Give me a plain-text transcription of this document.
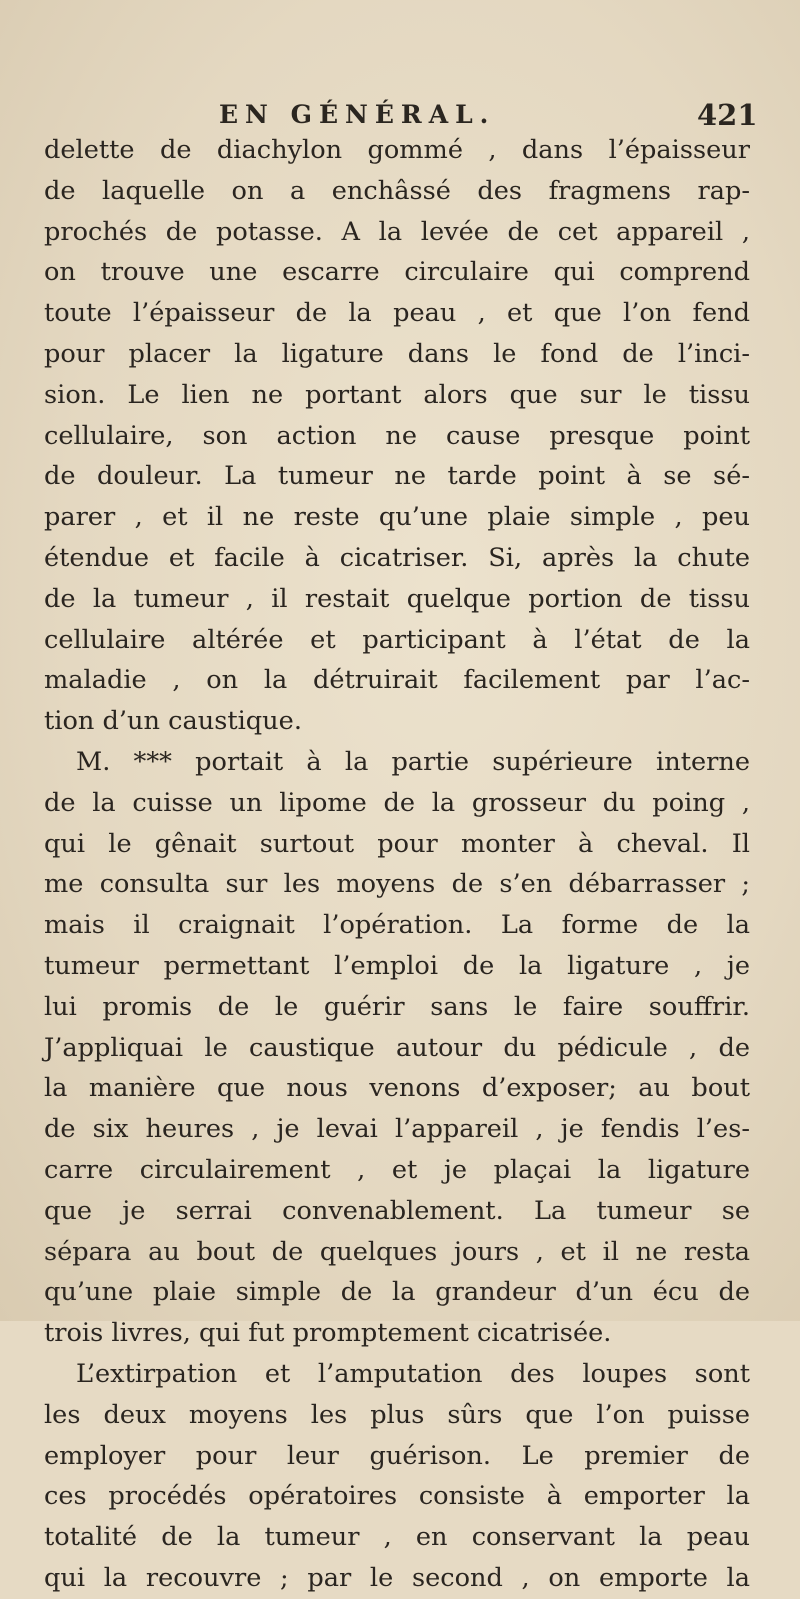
EN GÉNÉRAL.	421
delette de diachylon gommé , dans l’épaisseur
de laquelle on a enchâssé des fragmens rap-
prochés de potasse. A la levée de cet appareil ,
on trouve une escarre circulaire qui comprend
toute l’épaisseur de la peau , et que l’on fend
pour placer la ligature dans le fond de l’inci-
sion. Le lien ne portant alors que sur le tissu
cellulaire, son action ne cause presque point
de douleur. La tumeur ne tarde point à se sé-
parer , et il ne reste qu’une plaie simple , peu
étendue et facile à cicatriser. Si, après la chute
de la tumeur , il restait quelque portion de tissu
cellulaire altérée et participant à l’état de la
maladie , on la détruirait facilement par l’ac-
tion d’un caustique.
M. *** portait à la partie supérieure interne
de la cuisse un lipome de la grosseur du poing ,
qui le gênait surtout pour monter à cheval. Il
me consulta sur les moyens de s’en débarrasser ;
mais il craignait l’opération. La forme de la
tumeur permettant l’emploi de la ligature , je
lui promis de le guérir sans le faire souffrir.
J’appliquai le caustique autour du pédicule , de
la manière que nous venons d’exposer; au bout
de six heures , je levai l’appareil , je fendis l’es-
carre circulairement , et je plaçai la ligature
que je serrai convenablement. La tumeur se
sépara au bout de quelques jours , et il ne resta
qu’une plaie simple de la grandeur d’un écu de
trois livres, qui fut promptement cicatrisée.
L’extirpation et l’amputation des loupes sont
les deux moyens les plus sûrs que l’on puisse
employer pour leur guérison. Le premier de
ces procédés opératoires consiste à emporter la
totalité de la tumeur , en conservant la peau
qui la recouvre ; par le second , on emporte la
